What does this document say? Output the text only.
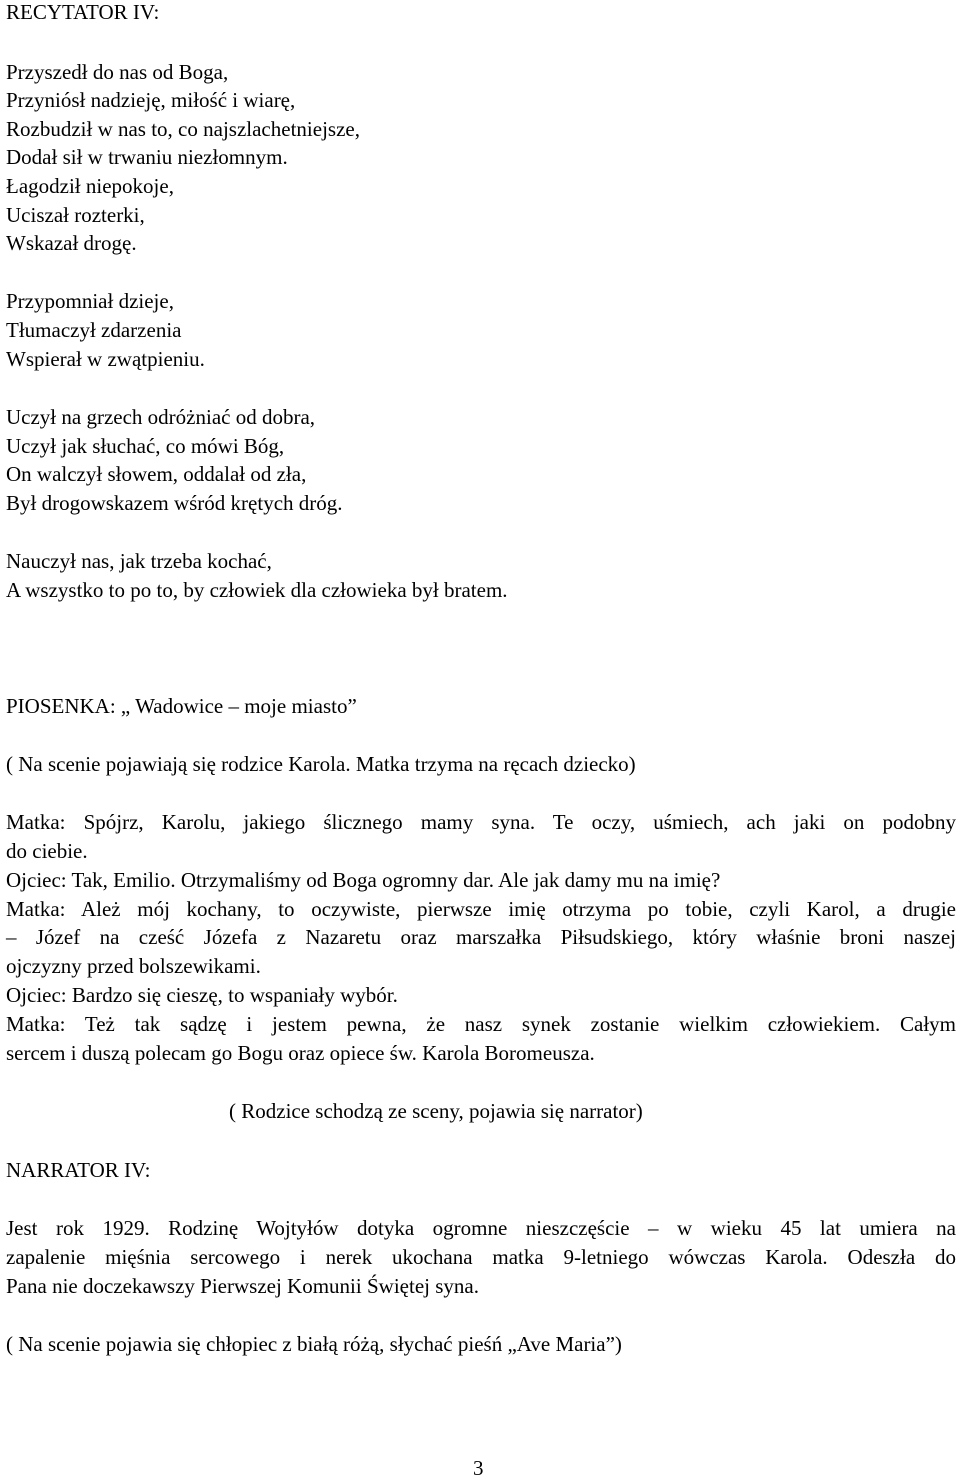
RECYTATOR IV:
Przyszedł do nas od Boga,
Przyniósł nadzieję, miłość i wiarę,
Rozbudził w nas to, co najszlachetniejsze,
Dodał sił w trwaniu niezłomnym.
Łagodził niepokoje,
Uciszał rozterki,
Wskazał drogę.
Przypomniał dzieje,
Tłumaczył zdarzenia
Wspierał w zwątpieniu.
Uczył na grzech odróżniać od dobra,
Uczył jak słuchać, co mówi Bóg,
On walczył słowem, oddalał od zła,
Był drogowskazem wśród krętych dróg.
Nauczył nas, jak trzeba kochać,
A wszystko to po to, by człowiek dla człowieka był bratem.
PIOSENKA: „ Wadowice – moje miasto”
( Na scenie pojawiają się rodzice Karola. Matka trzyma na ręcach dziecko)
Matka: Spójrz, Karolu, jakiego ślicznego mamy syna. Te oczy, uśmiech, ach jaki on podobny
do ciebie.
Ojciec: Tak, Emilio. Otrzymaliśmy od Boga ogromny dar. Ale jak damy mu na imię?
Matka: Ależ mój kochany, to oczywiste, pierwsze imię otrzyma po tobie, czyli Karol, a drugie
– Józef na cześć Józefa z Nazaretu oraz marszałka Piłsudskiego, który właśnie broni naszej
ojczyzny przed bolszewikami.
Ojciec: Bardzo się cieszę, to wspaniały wybór.
Matka: Też tak sądzę i jestem pewna, że nasz synek zostanie wielkim człowiekiem. Całym
sercem i duszą polecam go Bogu oraz opiece św. Karola Boromeusza.
( Rodzice schodzą ze sceny, pojawia się narrator)
NARRATOR IV:
Jest rok 1929. Rodzinę Wojtyłów dotyka ogromne nieszczęście – w wieku 45 lat umiera na
zapalenie mięśnia sercowego i nerek ukochana matka 9-letniego wówczas Karola. Odeszła do
Pana nie doczekawszy Pierwszej Komunii Świętej syna.
( Na scenie pojawia się chłopiec z białą różą, słychać pieśń „Ave Maria”)
3
